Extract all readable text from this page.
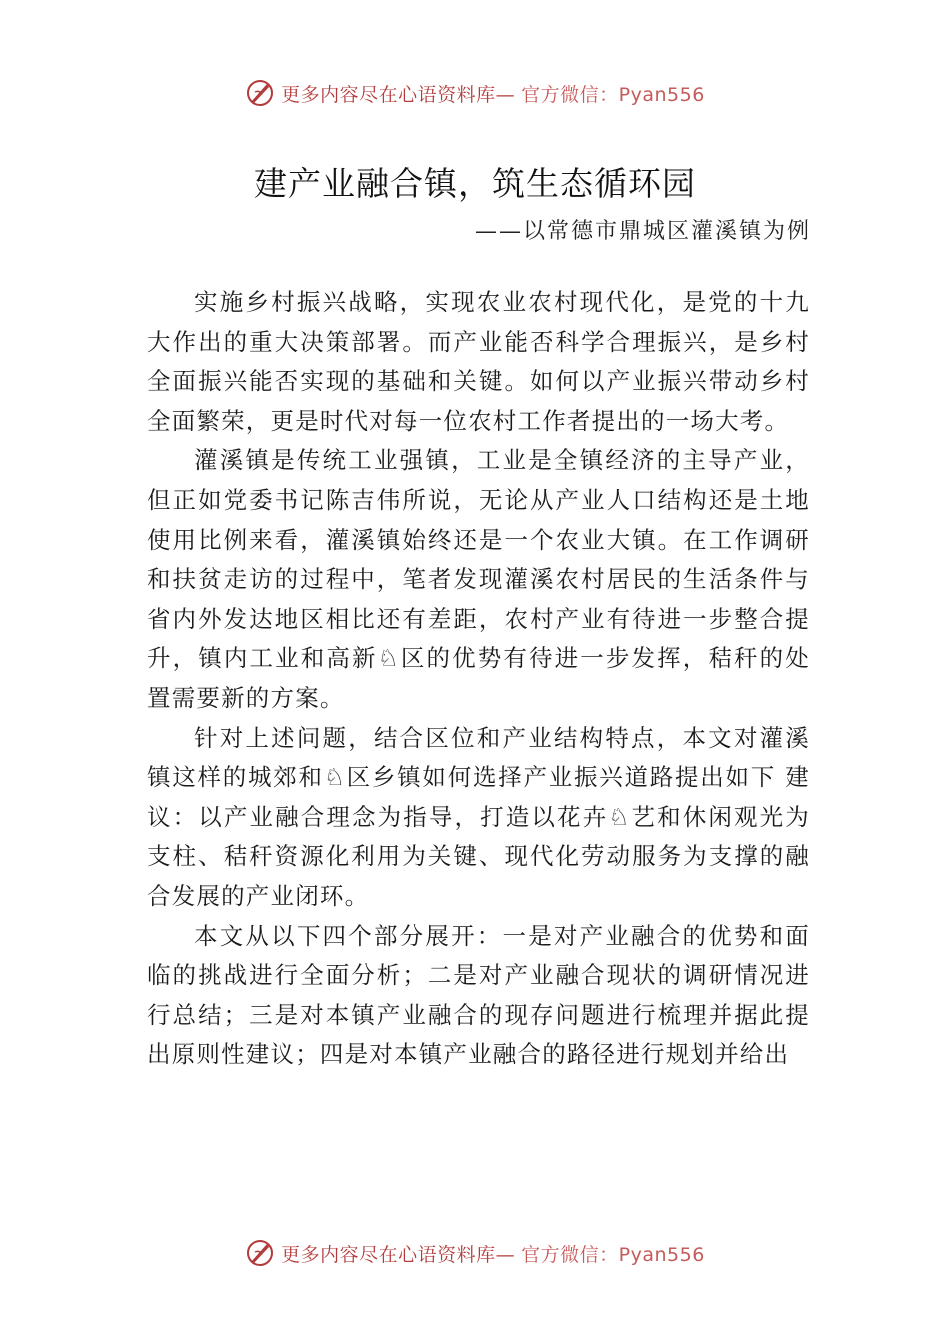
更多内容尽在心语资料库— 官方微信：Pyan556
建产业融合镇，筑生态循环园
——以常德市鼎城区灌溪镇为例

实施乡村振兴战略，实现农业农村现代化，是党的十九大作出的重大决策部署。而产业能否科学合理振兴，是乡村全面振兴能否实现的基础和关键。如何以产业振兴带动乡村全面繁荣，更是时代对每一位农村工作者提出的一场大考。

灌溪镇是传统工业强镇，工业是全镇经济的主导产业，但正如党委书记陈吉伟所说，无论从产业人口结构还是土地使用比例来看，灌溪镇始终还是一个农业大镇。在工作调研和扶贫走访的过程中，笔者发现灌溪农村居民的生活条件与省内外发达地区相比还有差距，农村产业有待进一步整合提升，镇内工业和高新♘区的优势有待进一步发挥，秸秆的处置需要新的方案。

针对上述问题，结合区位和产业结构特点，本文对灌溪镇这样的城郊和♘区乡镇如何选择产业振兴道路提出如下 建议：以产业融合理念为指导，打造以花卉♘艺和休闲观光为支柱、秸秆资源化利用为关键、现代化劳动服务为支撑的融合发展的产业闭环。

本文从以下四个部分展开：一是对产业融合的优势和面临的挑战进行全面分析；二是对产业融合现状的调研情况进行总结；三是对本镇产业融合的现存问题进行梳理并据此提出原则性建议；四是对本镇产业融合的路径进行规划并给出

更多内容尽在心语资料库— 官方微信：Pyan556
